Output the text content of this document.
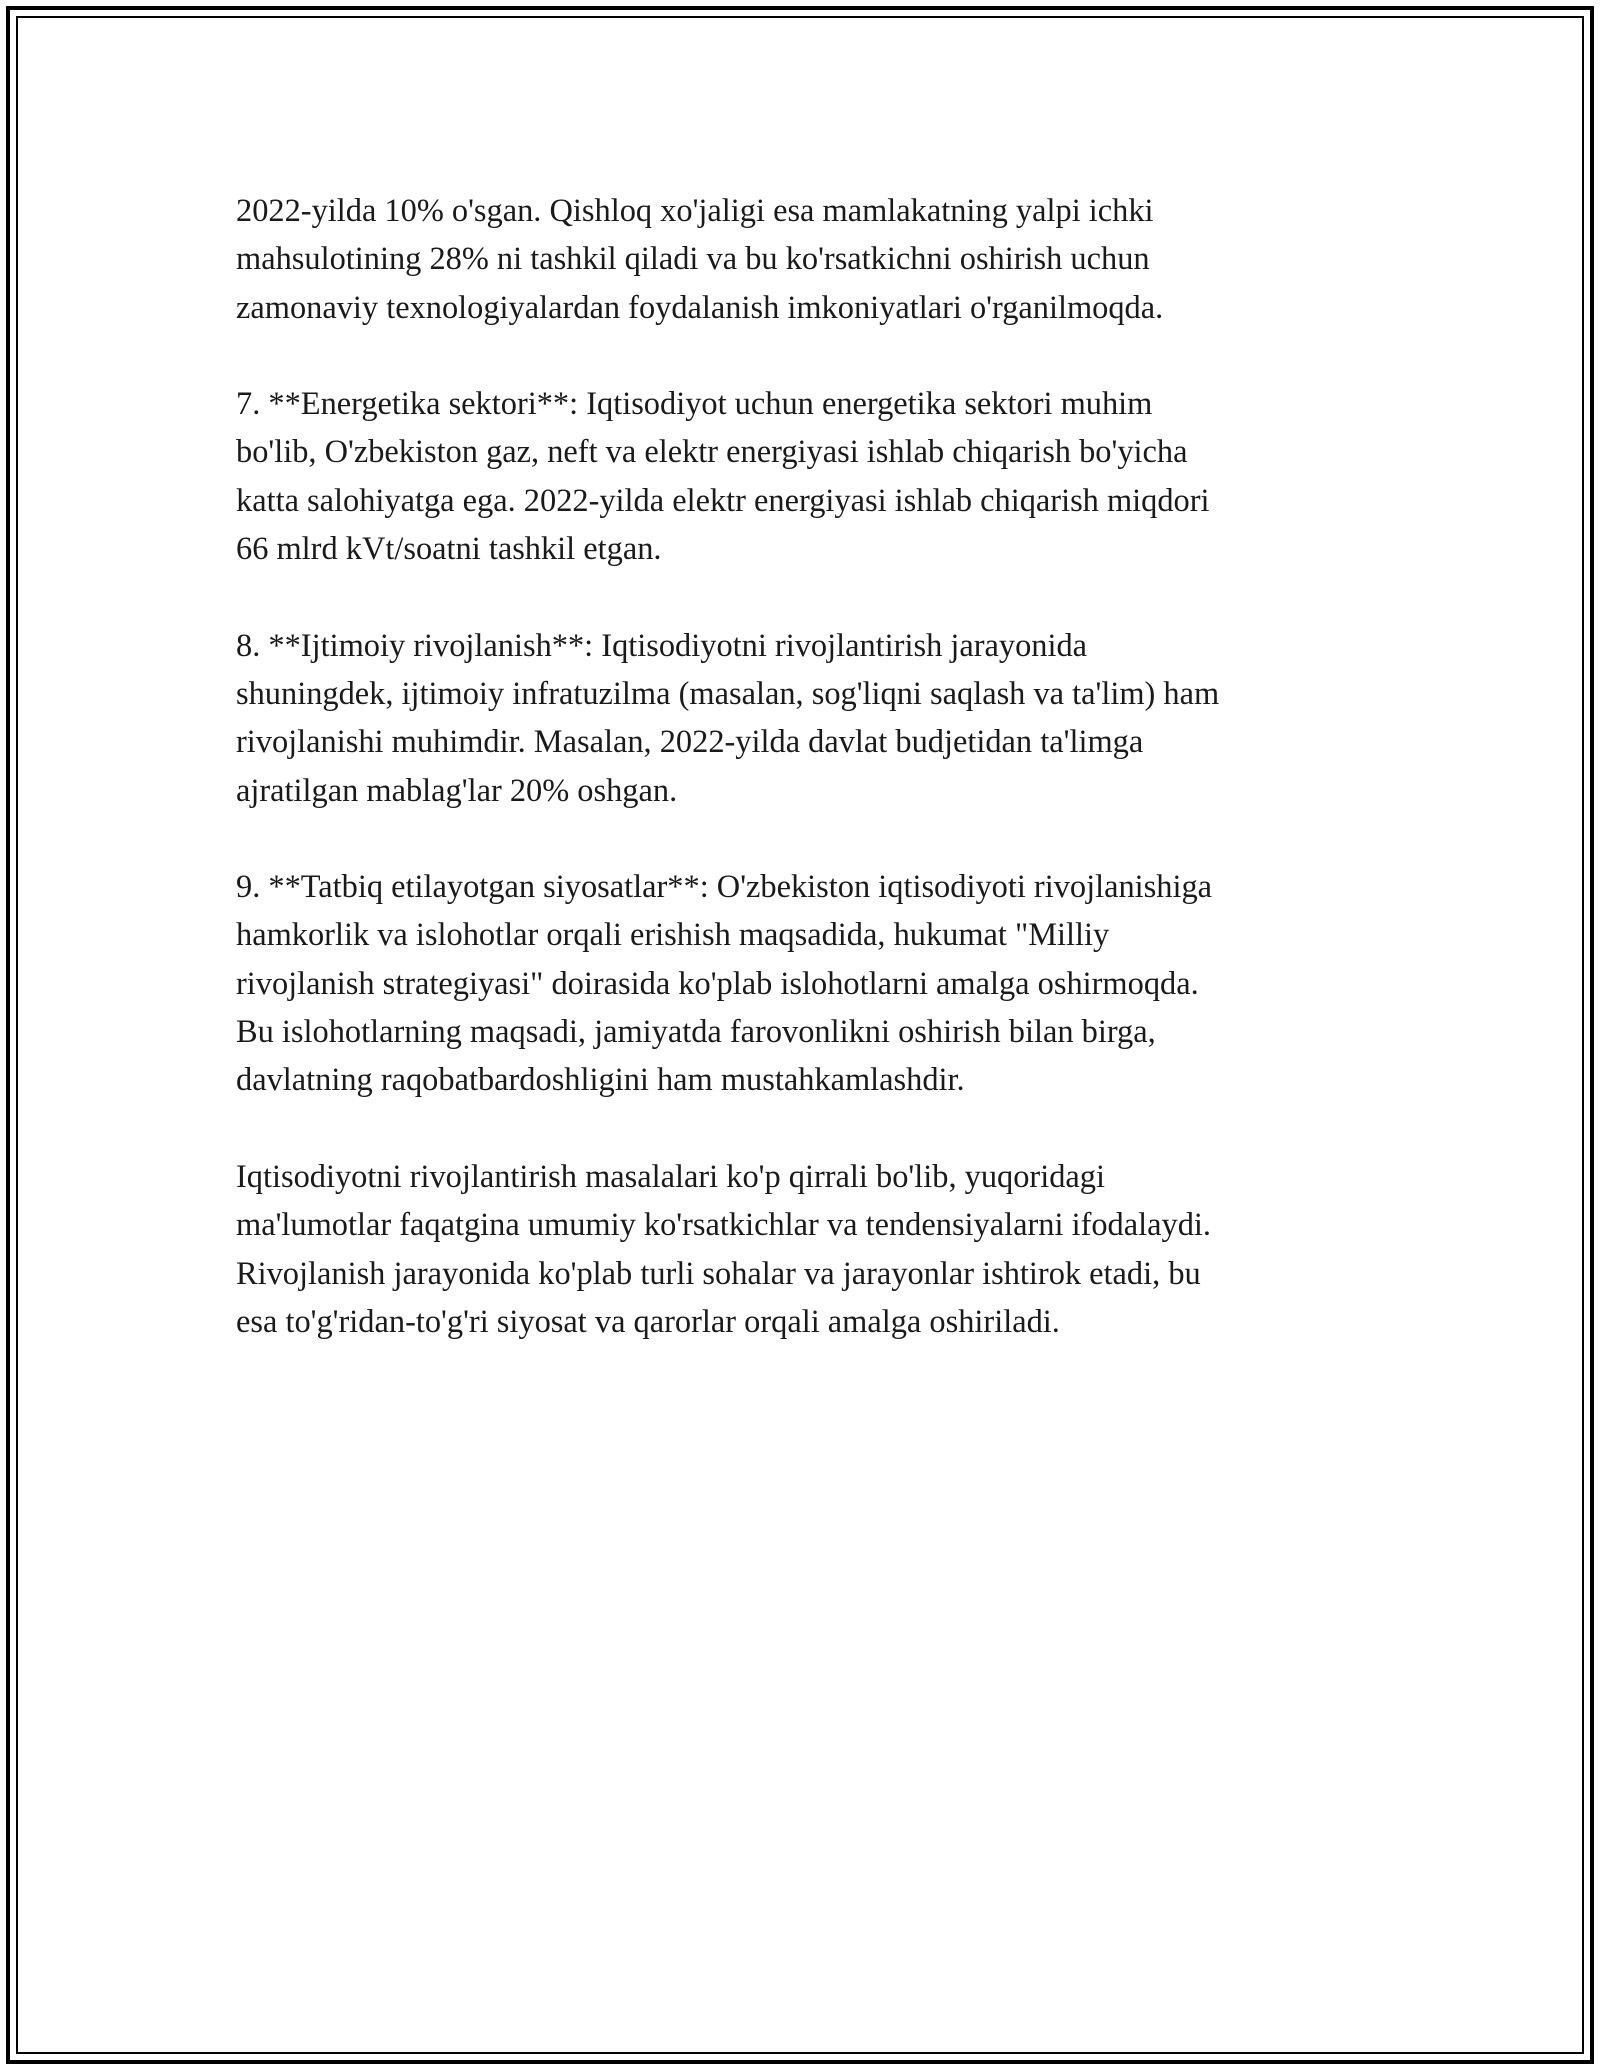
2022-yilda 10% o'sgan. Qishloq xo'jaligi esa mamlakatning yalpi ichki
mahsulotining 28% ni tashkil qiladi va bu ko'rsatkichni oshirish uchun
zamonaviy texnologiyalardan foydalanish imkoniyatlari o'rganilmoqda.

7. **Energetika sektori**: Iqtisodiyot uchun energetika sektori muhim
bo'lib, O'zbekiston gaz, neft va elektr energiyasi ishlab chiqarish bo'yicha
katta salohiyatga ega. 2022-yilda elektr energiyasi ishlab chiqarish miqdori
66 mlrd kVt/soatni tashkil etgan.

8. **Ijtimoiy rivojlanish**: Iqtisodiyotni rivojlantirish jarayonida
shuningdek, ijtimoiy infratuzilma (masalan, sog'liqni saqlash va ta'lim) ham
rivojlanishi muhimdir. Masalan, 2022-yilda davlat budjetidan ta'limga
ajratilgan mablag'lar 20% oshgan.

9. **Tatbiq etilayotgan siyosatlar**: O'zbekiston iqtisodiyoti rivojlanishiga
hamkorlik va islohotlar orqali erishish maqsadida, hukumat "Milliy
rivojlanish strategiyasi" doirasida ko'plab islohotlarni amalga oshirmoqda.
Bu islohotlarning maqsadi, jamiyatda farovonlikni oshirish bilan birga,
davlatning raqobatbardoshligini ham mustahkamlashdir.

Iqtisodiyotni rivojlantirish masalalari ko'p qirrali bo'lib, yuqoridagi
ma'lumotlar faqatgina umumiy ko'rsatkichlar va tendensiyalarni ifodalaydi.
Rivojlanish jarayonida ko'plab turli sohalar va jarayonlar ishtirok etadi, bu
esa to'g'ridan-to'g'ri siyosat va qarorlar orqali amalga oshiriladi.
